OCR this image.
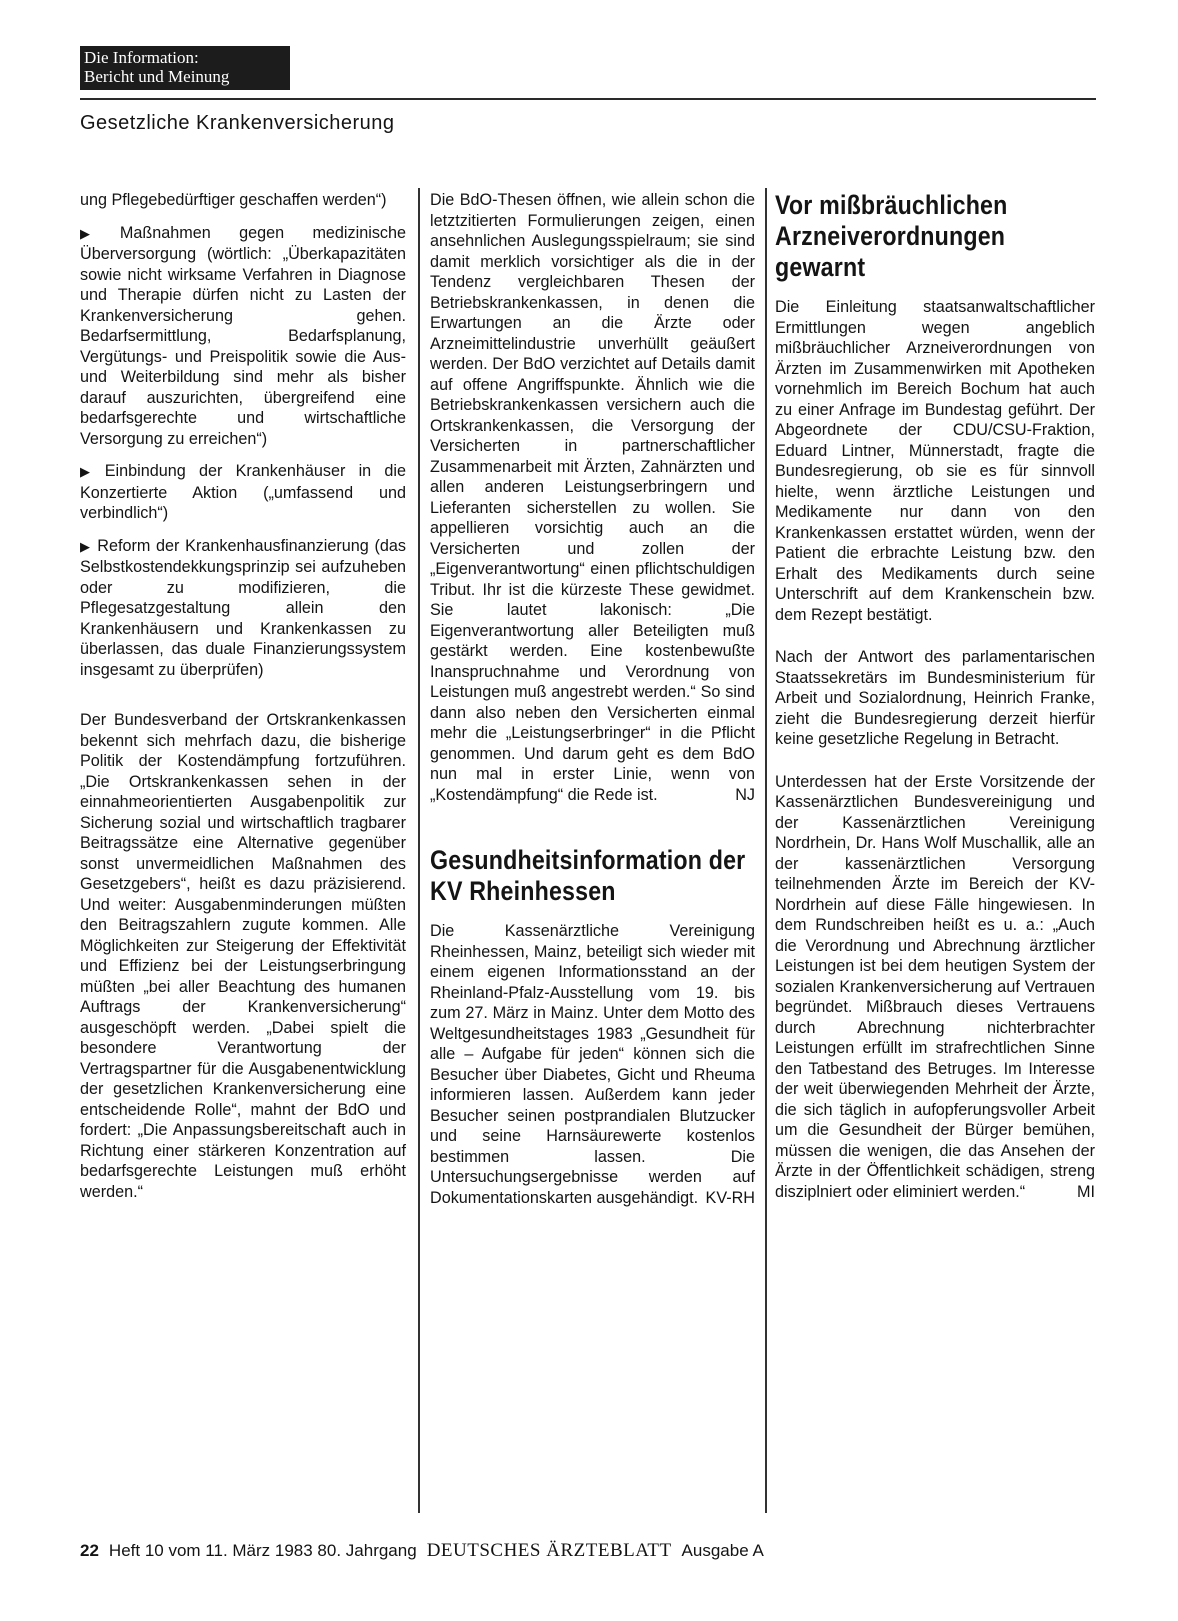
Die Information:
Bericht und Meinung
Gesetzliche Krankenversicherung

ung Pflegebedürftiger geschaffen werden“)

▶ Maßnahmen gegen medizinische Überversorgung (wörtlich: „Überkapazitäten sowie nicht wirksame Verfahren in Diagnose und Therapie dürfen nicht zu Lasten der Krankenversicherung gehen. Bedarfsermittlung, Bedarfsplanung, Vergütungs- und Preispolitik sowie die Aus- und Weiterbildung sind mehr als bisher darauf auszurichten, übergreifend eine bedarfsgerechte und wirtschaftliche Versorgung zu erreichen“)

▶ Einbindung der Krankenhäuser in die Konzertierte Aktion („umfassend und verbindlich“)

▶ Reform der Krankenhausfinanzierung (das Selbstkostendekkungsprinzip sei aufzuheben oder zu modifizieren, die Pflegesatzgestaltung allein den Krankenhäusern und Krankenkassen zu überlassen, das duale Finanzierungssystem insgesamt zu überprüfen)

Der Bundesverband der Ortskrankenkassen bekennt sich mehrfach dazu, die bisherige Politik der Kostendämpfung fortzuführen. „Die Ortskrankenkassen sehen in der einnahmeorientierten Ausgabenpolitik zur Sicherung sozial und wirtschaftlich tragbarer Beitragssätze eine Alternative gegenüber sonst unvermeidlichen Maßnahmen des Gesetzgebers“, heißt es dazu präzisierend. Und weiter: Ausgabenminderungen müßten den Beitragszahlern zugute kommen. Alle Möglichkeiten zur Steigerung der Effektivität und Effizienz bei der Leistungserbringung müßten „bei aller Beachtung des humanen Auftrags der Krankenversicherung“ ausgeschöpft werden. „Dabei spielt die besondere Verantwortung der Vertragspartner für die Ausgabenentwicklung der gesetzlichen Krankenversicherung eine entscheidende Rolle“, mahnt der BdO und fordert: „Die Anpassungsbereitschaft auch in Richtung einer stärkeren Konzentration auf bedarfsgerechte Leistungen muß erhöht werden.“

Die BdO-Thesen öffnen, wie allein schon die letztzitierten Formulierungen zeigen, einen ansehnlichen Auslegungsspielraum; sie sind damit merklich vorsichtiger als die in der Tendenz vergleichbaren Thesen der Betriebskrankenkassen, in denen die Erwartungen an die Ärzte oder Arzneimittelindustrie unverhüllt geäußert werden. Der BdO verzichtet auf Details damit auf offene Angriffspunkte. Ähnlich wie die Betriebskrankenkassen versichern auch die Ortskrankenkassen, die Versorgung der Versicherten in partnerschaftlicher Zusammenarbeit mit Ärzten, Zahnärzten und allen anderen Leistungserbringern und Lieferanten sicherstellen zu wollen. Sie appellieren vorsichtig auch an die Versicherten und zollen der „Eigenverantwortung“ einen pflichtschuldigen Tribut. Ihr ist die kürzeste These gewidmet. Sie lautet lakonisch: „Die Eigenverantwortung aller Beteiligten muß gestärkt werden. Eine kostenbewußte Inanspruchnahme und Verordnung von Leistungen muß angestrebt werden.“ So sind dann also neben den Versicherten einmal mehr die „Leistungserbringer“ in die Pflicht genommen. Und darum geht es dem BdO nun mal in erster Linie, wenn von „Kostendämpfung“ die Rede ist.	NJ

Gesundheitsinformation der KV Rheinhessen

Die Kassenärztliche Vereinigung Rheinhessen, Mainz, beteiligt sich wieder mit einem eigenen Informationsstand an der Rheinland-Pfalz-Ausstellung vom 19. bis zum 27. März in Mainz. Unter dem Motto des Weltgesundheitstages 1983 „Gesundheit für alle – Aufgabe für jeden“ können sich die Besucher über Diabetes, Gicht und Rheuma informieren lassen. Außerdem kann jeder Besucher seinen postprandialen Blutzucker und seine Harnsäurewerte kostenlos bestimmen lassen. Die Untersuchungsergebnisse werden auf Dokumentationskarten ausgehändigt. KV-RH

Vor mißbräuchlichen Arzneiverordnungen gewarnt

Die Einleitung staatsanwaltschaftlicher Ermittlungen wegen angeblich mißbräuchlicher Arzneiverordnungen von Ärzten im Zusammenwirken mit Apotheken vornehmlich im Bereich Bochum hat auch zu einer Anfrage im Bundestag geführt. Der Abgeordnete der CDU/CSU-Fraktion, Eduard Lintner, Münnerstadt, fragte die Bundesregierung, ob sie es für sinnvoll hielte, wenn ärztliche Leistungen und Medikamente nur dann von den Krankenkassen erstattet würden, wenn der Patient die erbrachte Leistung bzw. den Erhalt des Medikaments durch seine Unterschrift auf dem Krankenschein bzw. dem Rezept bestätigt.

Nach der Antwort des parlamentarischen Staatssekretärs im Bundesministerium für Arbeit und Sozialordnung, Heinrich Franke, zieht die Bundesregierung derzeit hierfür keine gesetzliche Regelung in Betracht.

Unterdessen hat der Erste Vorsitzende der Kassenärztlichen Bundesvereinigung und der Kassenärztlichen Vereinigung Nordrhein, Dr. Hans Wolf Muschallik, alle an der kassenärztlichen Versorgung teilnehmenden Ärzte im Bereich der KV-Nordrhein auf diese Fälle hingewiesen. In dem Rundschreiben heißt es u. a.: „Auch die Verordnung und Abrechnung ärztlicher Leistungen ist bei dem heutigen System der sozialen Krankenversicherung auf Vertrauen begründet. Mißbrauch dieses Vertrauens durch Abrechnung nichterbrachter Leistungen erfüllt im strafrechtlichen Sinne den Tatbestand des Betruges. Im Interesse der weit überwiegenden Mehrheit der Ärzte, die sich täglich in aufopferungsvoller Arbeit um die Gesundheit der Bürger bemühen, müssen die wenigen, die das Ansehen der Ärzte in der Öffentlichkeit schädigen, streng disziplniert oder eliminiert werden.“	MI

22 Heft 10 vom 11. März 1983 80. Jahrgang DEUTSCHES ÄRZTEBLATT Ausgabe A
